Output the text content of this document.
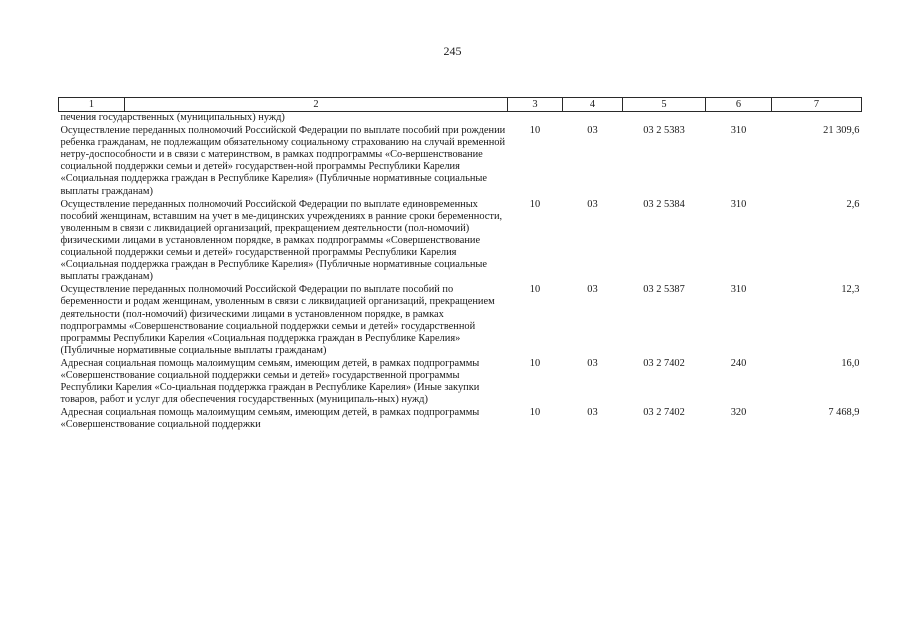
245
1	2	3	4	5	6	7
печения государственных (муниципальных) нужд)						
Осуществление переданных полномочий Российской Федерации по выплате пособий при рождении ребенка гражданам, не подлежащим обязательному социальному страхованию на случай временной нетру-доспособности и в связи с материнством, в рамках подпрограммы «Со-вершенствование социальной поддержки семьи и детей» государствен-ной программы Республики Карелия «Социальная поддержка граждан в Республике Карелия» (Публичные нормативные социальные выплаты гражданам)		10	03	03 2 5383	310	21 309,6
Осуществление переданных полномочий Российской Федерации по выплате единовременных пособий женщинам, вставшим на учет в ме-дицинских учреждениях в ранние сроки беременности, уволенным в связи с ликвидацией организаций, прекращением деятельности (пол-номочий) физическими лицами в установленном порядке, в рамках подпрограммы «Совершенствование социальной поддержки семьи и детей» государственной программы Республики Карелия «Социальная поддержка граждан в Республике Карелия» (Публичные нормативные социальные выплаты гражданам)		10	03	03 2 5384	310	2,6
Осуществление переданных полномочий Российской Федерации по выплате пособий по беременности и родам женщинам, уволенным в связи с ликвидацией организаций, прекращением деятельности (пол-номочий) физическими лицами в установленном порядке, в рамках подпрограммы «Совершенствование социальной поддержки семьи и детей» государственной программы Республики Карелия «Социальная поддержка граждан в Республике Карелия» (Публичные нормативные социальные выплаты гражданам)		10	03	03 2 5387	310	12,3
Адресная социальная помощь малоимущим семьям, имеющим детей, в рамках подпрограммы «Совершенствование социальной поддержки семьи и детей» государственной программы Республики Карелия «Со-циальная поддержка граждан в Республике Карелия» (Иные закупки товаров, работ и услуг для обеспечения государственных (муниципаль-ных) нужд)		10	03	03 2 7402	240	16,0
Адресная социальная помощь малоимущим семьям, имеющим детей, в рамках подпрограммы «Совершенствование социальной поддержки		10	03	03 2 7402	320	7 468,9
